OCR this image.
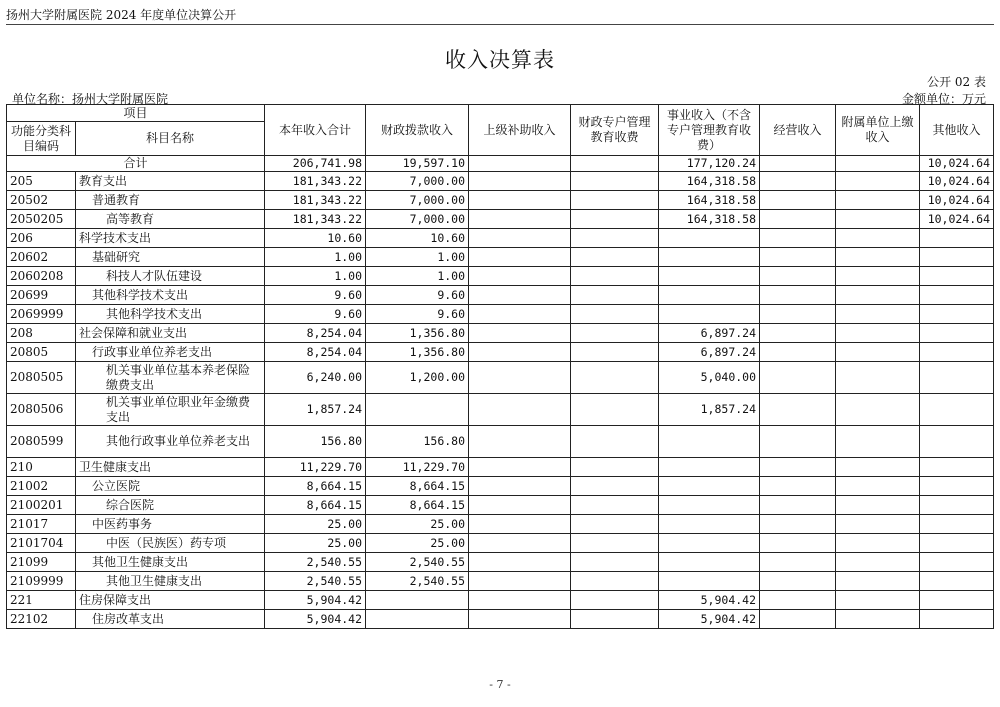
扬州大学附属医院 2024 年度单位决算公开
收入决算表
公开 02 表
单位名称：扬州大学附属医院	金额单位：万元
项目		本年收入合计	财政拨款收入	上级补助收入	财政专户管理教育收费	事业收入（不含专户管理教育收费）	经营收入	附属单位上缴收入	其他收入
功能分类科目编码	科目名称								
合计		206,741.98	19,597.10			177,120.24			10,024.64
205	教育支出	181,343.22	7,000.00			164,318.58			10,024.64
20502	普通教育	181,343.22	7,000.00			164,318.58			10,024.64
2050205	高等教育	181,343.22	7,000.00			164,318.58			10,024.64
206	科学技术支出	10.60	10.60						
20602	基础研究	1.00	1.00						
2060208	科技人才队伍建设	1.00	1.00						
20699	其他科学技术支出	9.60	9.60						
2069999	其他科学技术支出	9.60	9.60						
208	社会保障和就业支出	8,254.04	1,356.80			6,897.24			
20805	行政事业单位养老支出	8,254.04	1,356.80			6,897.24			
2080505	机关事业单位基本养老保险缴费支出	6,240.00	1,200.00			5,040.00			
2080506	机关事业单位职业年金缴费支出	1,857.24				1,857.24			
2080599	其他行政事业单位养老支出	156.80	156.80						
210	卫生健康支出	11,229.70	11,229.70						
21002	公立医院	8,664.15	8,664.15						
2100201	综合医院	8,664.15	8,664.15						
21017	中医药事务	25.00	25.00						
2101704	中医（民族医）药专项	25.00	25.00						
21099	其他卫生健康支出	2,540.55	2,540.55						
2109999	其他卫生健康支出	2,540.55	2,540.55						
221	住房保障支出	5,904.42				5,904.42			
22102	住房改革支出	5,904.42				5,904.42			
- 7 -
